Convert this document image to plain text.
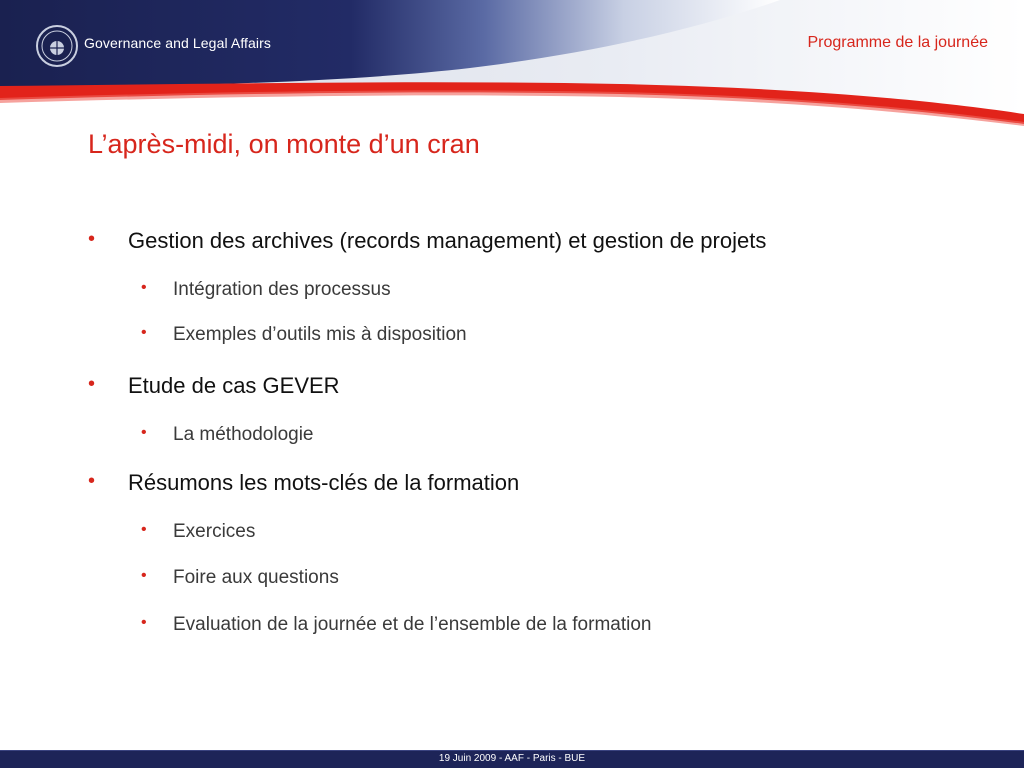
Governance and Legal Affairs	Programme de la journée
L’après-midi, on monte d’un cran
• Gestion des archives (records management) et gestion de projets
• Intégration des processus
• Exemples d’outils mis à disposition
• Etude de cas GEVER
• La méthodologie
• Résumons les mots-clés de la formation
• Exercices
• Foire aux questions
• Evaluation de la journée et de l’ensemble de la formation
19 Juin 2009 - AAF - Paris - BUE
